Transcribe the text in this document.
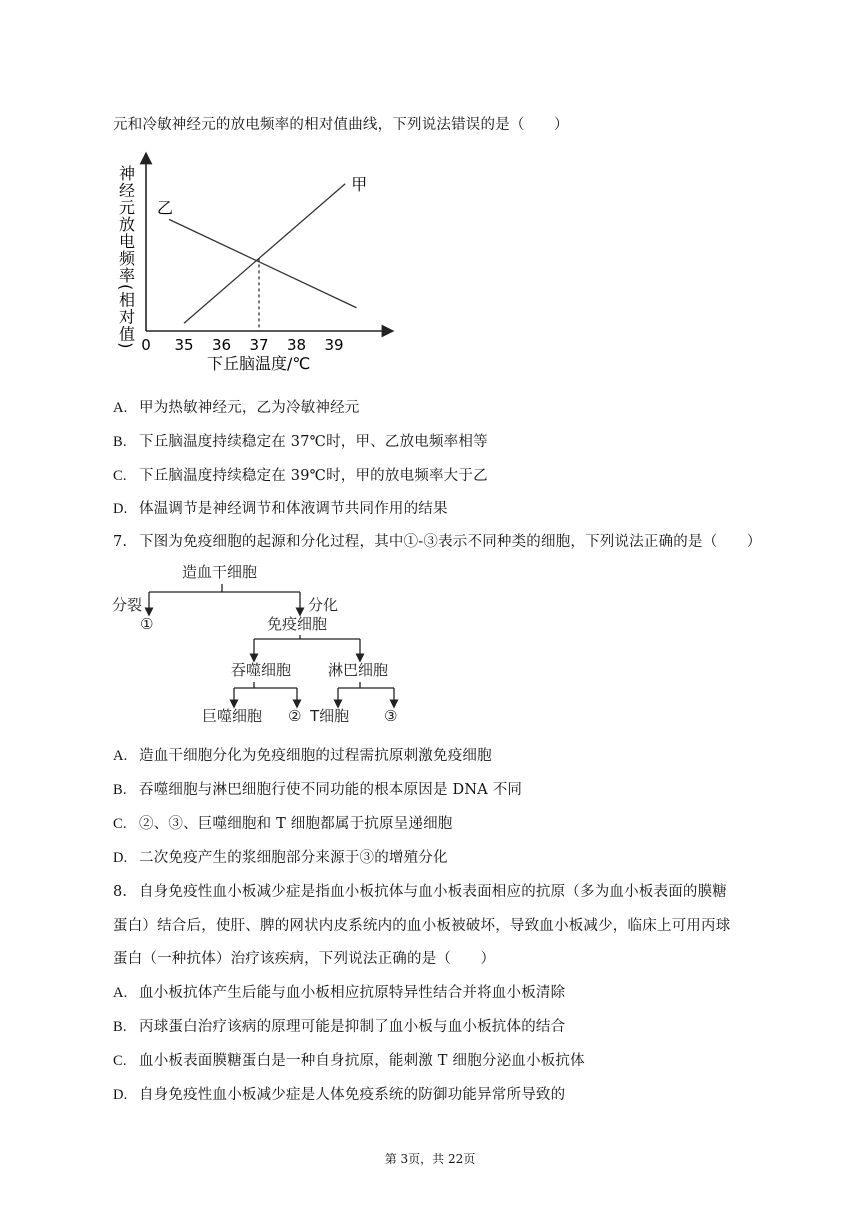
元和冷敏神经元的放电频率的相对值曲线，下列说法错误的是（　　）
神经元放电频率(相对值) 0 35 36 37 38 39
甲
乙
下丘脑温度/℃
A. 甲为热敏神经元，乙为冷敏神经元
B. 下丘脑温度持续稳定在 37℃时，甲、乙放电频率相等
C. 下丘脑温度持续稳定在 39℃时，甲的放电频率大于乙
D. 体温调节是神经调节和体液调节共同作用的结果
7. 下图为免疫细胞的起源和分化过程，其中①-③表示不同种类的细胞，下列说法正确的是（　　）
造血干细胞
分裂	分化
①	免疫细胞
吞噬细胞 淋巴细胞
巨噬细胞 ② T细胞 ③
A. 造血干细胞分化为免疫细胞的过程需抗原刺激免疫细胞
B. 吞噬细胞与淋巴细胞行使不同功能的根本原因是 DNA 不同
C. ②、③、巨噬细胞和 T 细胞都属于抗原呈递细胞
D. 二次免疫产生的浆细胞部分来源于③的增殖分化
8. 自身免疫性血小板减少症是指血小板抗体与血小板表面相应的抗原（多为血小板表面的膜糖
蛋白）结合后，使肝、脾的网状内皮系统内的血小板被破坏，导致血小板减少，临床上可用丙球
蛋白（一种抗体）治疗该疾病，下列说法正确的是（　　）
A. 血小板抗体产生后能与血小板相应抗原特异性结合并将血小板清除
B. 丙球蛋白治疗该病的原理可能是抑制了血小板与血小板抗体的结合
C. 血小板表面膜糖蛋白是一种自身抗原，能刺激 T 细胞分泌血小板抗体
D. 自身免疫性血小板减少症是人体免疫系统的防御功能异常所导致的
第 3页，共 22页
